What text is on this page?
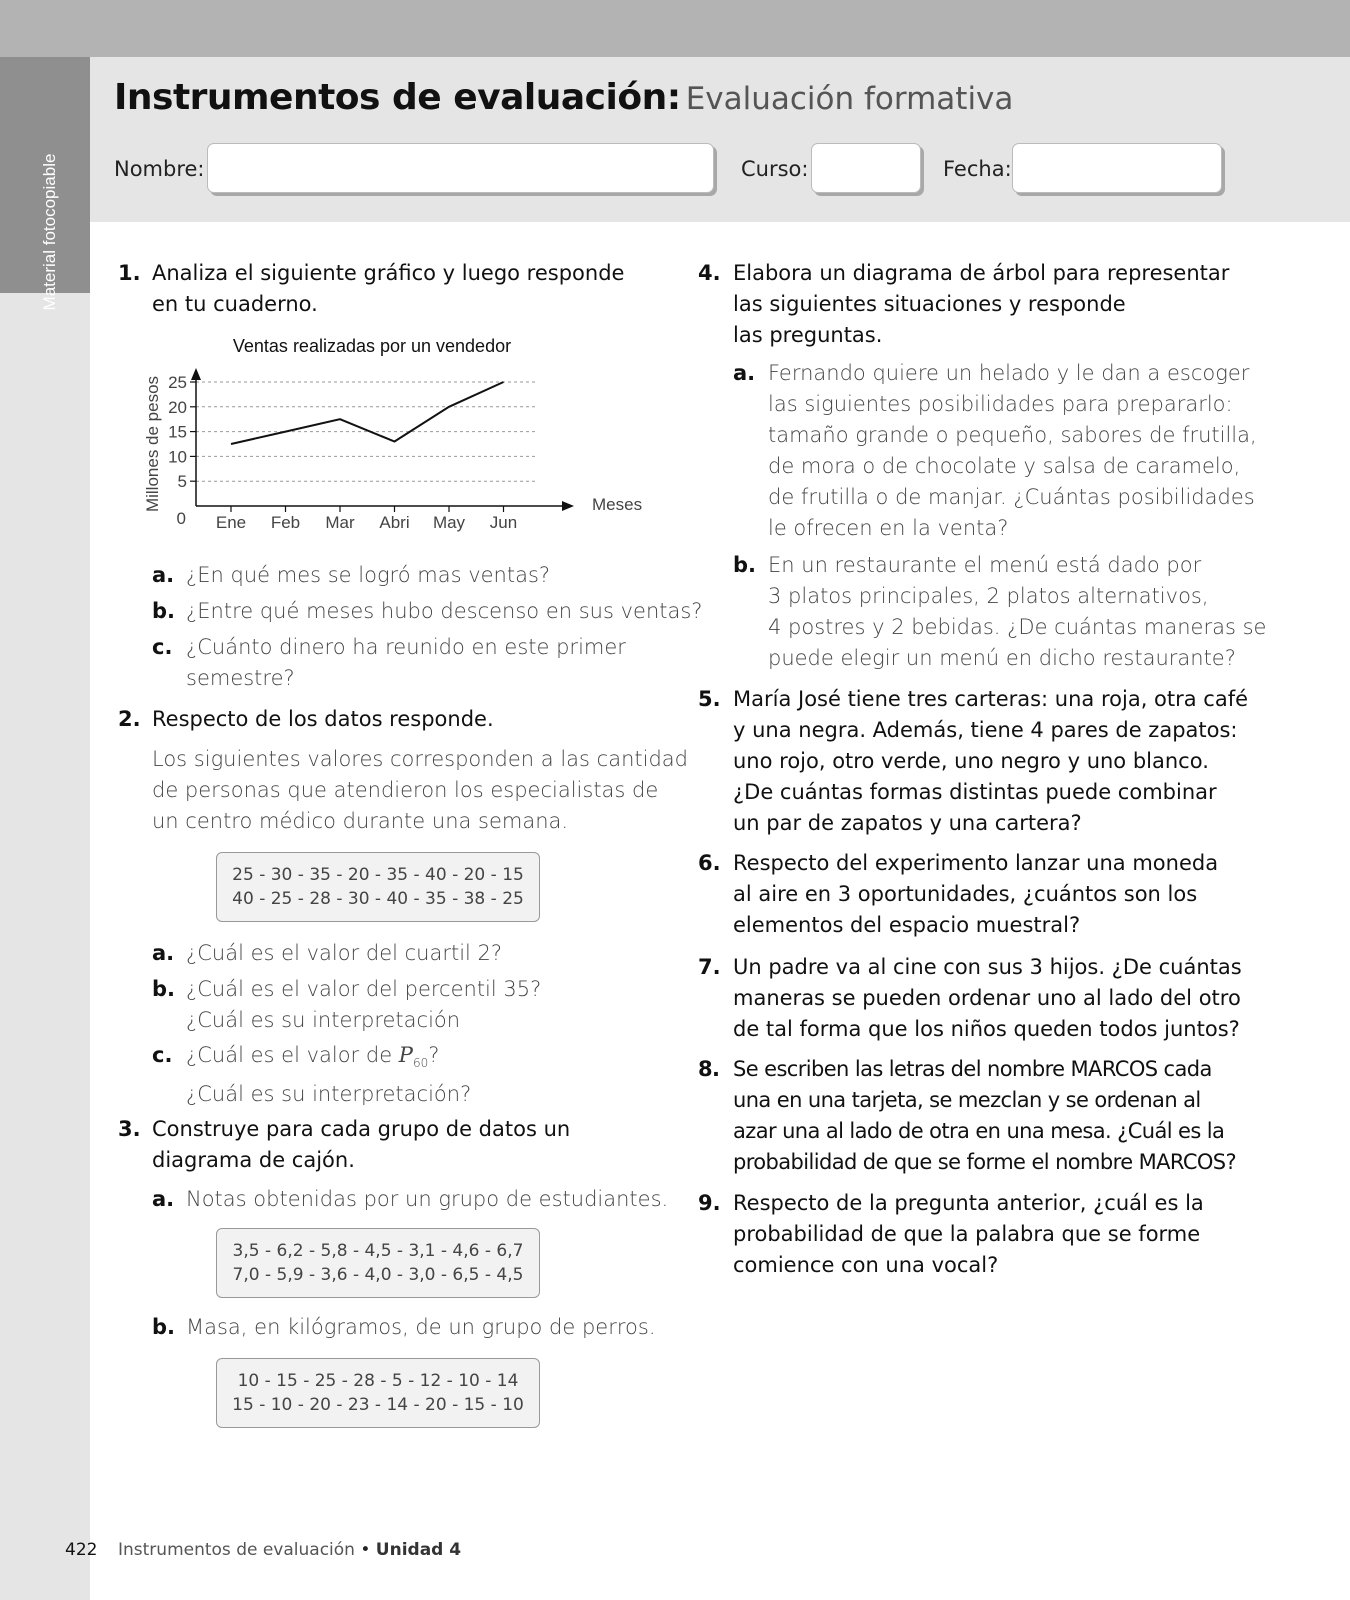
Material fotocopiable
Instrumentos de evaluación: Evaluación formativa
Nombre:	Curso:	Fecha:
1. Analiza el siguiente gráfico y luego responde
en tu cuaderno.
Ventas realizadas por un vendedor
Millones de pesos	Meses
0
5
10
15
20
25
Ene Feb Mar Abri May Jun
a. ¿En qué mes se logró mas ventas?
b. ¿Entre qué meses hubo descenso en sus ventas?
c. ¿Cuánto dinero ha reunido en este primer
semestre?
2. Respecto de los datos responde.
Los siguientes valores corresponden a las cantidad
de personas que atendieron los especialistas de
un centro médico durante una semana.
25 - 30 - 35 - 20 - 35 - 40 - 20 - 15
40 - 25 - 28 - 30 - 40 - 35 - 38 - 25
a. ¿Cuál es el valor del cuartil 2?
b. ¿Cuál es el valor del percentil 35?
¿Cuál es su interpretación
c. ¿Cuál es el valor de $P_{60}$?
¿Cuál es su interpretación?
3. Construye para cada grupo de datos un
diagrama de cajón.
a. Notas obtenidas por un grupo de estudiantes.
3,5 - 6,2 - 5,8 - 4,5 - 3,1 - 4,6 - 6,7
7,0 - 5,9 - 3,6 - 4,0 - 3,0 - 6,5 - 4,5
b. Masa, en kilógramos, de un grupo de perros.
10 - 15 - 25 - 28 - 5 - 12 - 10 - 14
15 - 10 - 20 - 23 - 14 - 20 - 15 - 10
4. Elabora un diagrama de árbol para representar
las siguientes situaciones y responde
las preguntas.
a. Fernando quiere un helado y le dan a escoger
las siguientes posibilidades para prepararlo:
tamaño grande o pequeño, sabores de frutilla,
de mora o de chocolate y salsa de caramelo,
de frutilla o de manjar. ¿Cuántas posibilidades
le ofrecen en la venta?
b. En un restaurante el menú está dado por
3 platos principales, 2 platos alternativos,
4 postres y 2 bebidas. ¿De cuántas maneras se
puede elegir un menú en dicho restaurante?
5. María José tiene tres carteras: una roja, otra café
y una negra. Además, tiene 4 pares de zapatos:
uno rojo, otro verde, uno negro y uno blanco.
¿De cuántas formas distintas puede combinar
un par de zapatos y una cartera?
6. Respecto del experimento lanzar una moneda
al aire en 3 oportunidades, ¿cuántos son los
elementos del espacio muestral?
7. Un padre va al cine con sus 3 hijos. ¿De cuántas
maneras se pueden ordenar uno al lado del otro
de tal forma que los niños queden todos juntos?
8. Se escriben las letras del nombre MARCOS cada
una en una tarjeta, se mezclan y se ordenan al
azar una al lado de otra en una mesa. ¿Cuál es la
probabilidad de que se forme el nombre MARCOS?
9. Respecto de la pregunta anterior, ¿cuál es la
probabilidad de que la palabra que se forme
comience con una vocal?
422 Instrumentos de evaluación • Unidad 4
